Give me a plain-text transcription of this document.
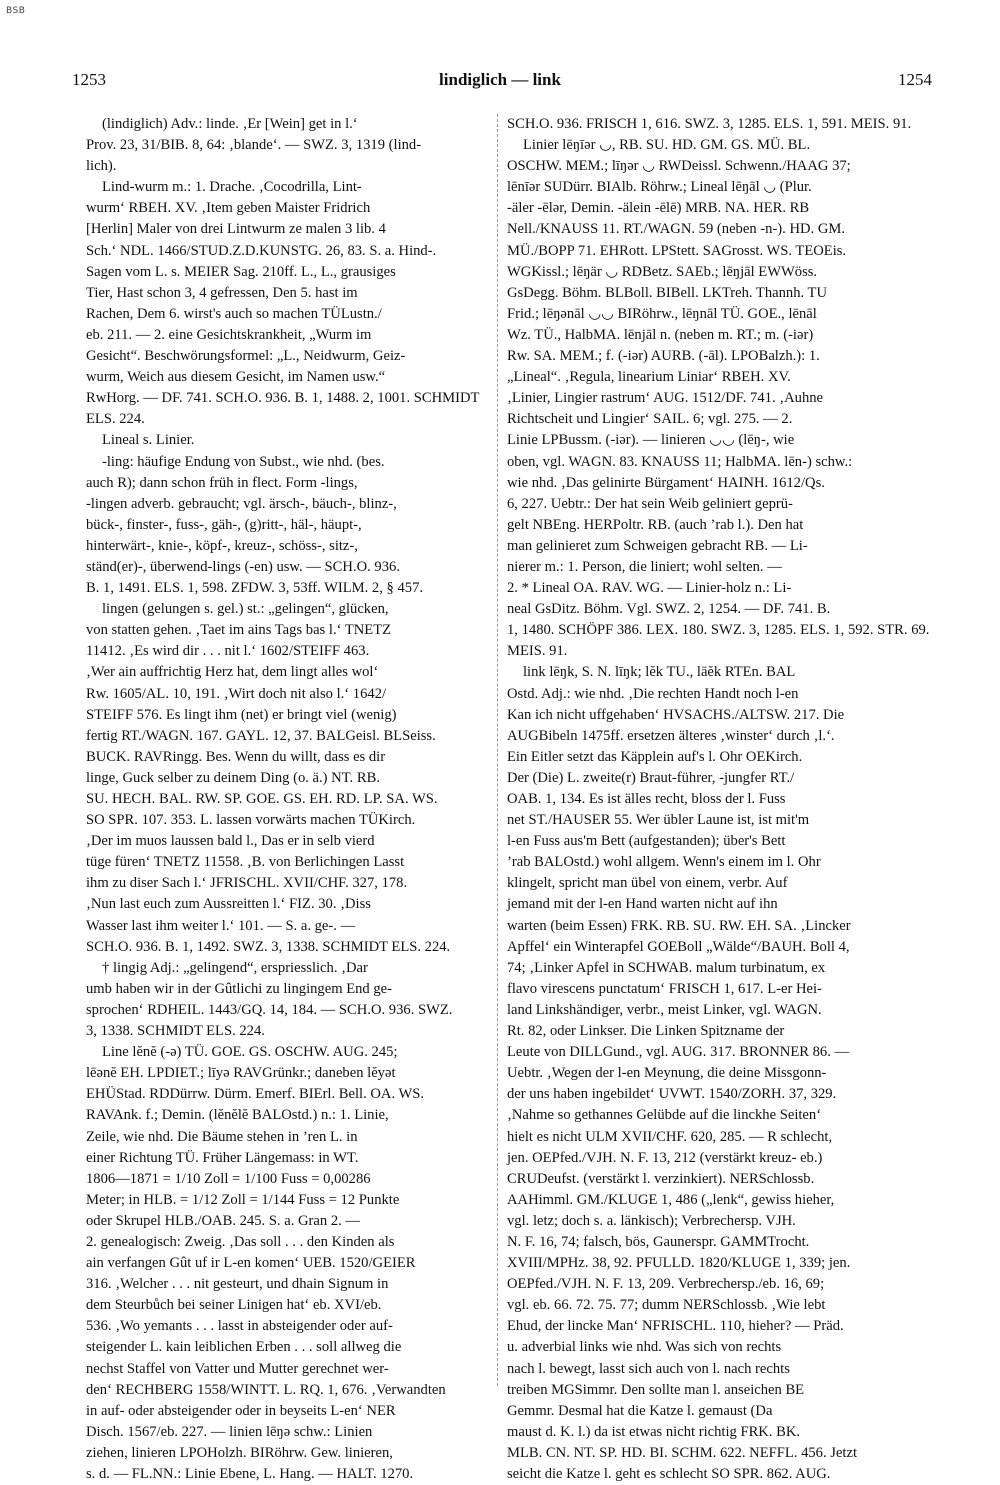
BSB
1253	lindiglich — link	1254
(lindiglich) Adv.: linde. ‚Er [Wein] get in l.‘
Prov. 23, 31/BIB. 8, 64: ‚blande‘. — SWZ. 3, 1319 (lind-
lich).
Lind-wurm m.: 1. Drache. ‚Cocodrilla, Lint-
wurm‘ RBEH. XV. ‚Item geben Maister Fridrich
[Herlin] Maler von drei Lintwurm ze malen 3 lib. 4
Sch.‘ NDL. 1466/STUD.Z.D.KUNSTG. 26, 83. S. a. Hind-.
Sagen vom L. s. MEIER Sag. 210ff. L., L., grausiges
Tier, Hast schon 3, 4 gefressen, Den 5. hast im
Rachen, Dem 6. wirst's auch so machen TÜLustn./
eb. 211. — 2. eine Gesichtskrankheit, „Wurm im
Gesicht“. Beschwörungsformel: „L., Neidwurm, Geiz-
wurm, Weich aus diesem Gesicht, im Namen usw.“
RwHorg. — DF. 741. SCH.O. 936. B. 1, 1488. 2, 1001. SCHMIDT
ELS. 224.
Lineal s. Linier.
-ling: häufige Endung von Subst., wie nhd. (bes.
auch R); dann schon früh in flect. Form -lings,
-lingen adverb. gebraucht; vgl. ärsch-, bäuch-, blinz-,
bück-, finster-, fuss-, gäh-, (g)ritt-, häl-, häupt-,
hinterwärt-, knie-, köpf-, kreuz-, schöss-, sitz-,
ständ(er)-, überwend-lings (-en) usw. — SCH.O. 936.
B. 1, 1491. ELS. 1, 598. ZFDW. 3, 53ff. WILM. 2, § 457.
lingen (gelungen s. gel.) st.: „gelingen“, glücken,
von statten gehen. ‚Taet im ains Tags bas l.‘ TNETZ
11412. ‚Es wird dir . . . nit l.‘ 1602/STEIFF 463.
‚Wer ain auffrichtig Herz hat, dem lingt alles wol‘
Rw. 1605/AL. 10, 191. ‚Wirt doch nit also l.‘ 1642/
STEIFF 576. Es lingt ihm (net) er bringt viel (wenig)
fertig RT./WAGN. 167. GAYL. 12, 37. BALGeisl. BLSeiss.
BUCK. RAVRingg. Bes. Wenn du willt, dass es dir
linge, Guck selber zu deinem Ding (o. ä.) NT. RB.
SU. HECH. BAL. RW. SP. GOE. GS. EH. RD. LP. SA. WS.
SO SPR. 107. 353. L. lassen vorwärts machen TÜKirch.
‚Der im muos laussen bald l., Das er in selb vierd
tüge füren‘ TNETZ 11558. ‚B. von Berlichingen Lasst
ihm zu diser Sach l.‘ JFRISCHL. XVII/CHF. 327, 178.
‚Nun last euch zum Aussreitten l.‘ FIZ. 30. ‚Diss
Wasser last ihm weiter l.‘ 101. — S. a. ge-. —
SCH.O. 936. B. 1, 1492. SWZ. 3, 1338. SCHMIDT ELS. 224.
† lingig Adj.: „gelingend“, erspriesslich. ‚Dar
umb haben wir in der Gûtlichi zu lingingem End ge-
sprochen‘ RDHEIL. 1443/GQ. 14, 184. — SCH.O. 936. SWZ.
3, 1338. SCHMIDT ELS. 224.
Line lĕnĕ (-ə) TÜ. GOE. GS. OSCHW. AUG. 245;
lēənĕ EH. LPDIET.; līyə RAVGrünkr.; daneben lĕyət
EHÜStad. RDDürrw. Dürm. Emerf. BIErl. Bell. OA. WS.
RAVAnk. f.; Demin. (lĕnĕlĕ BALOstd.) n.: 1. Linie,
Zeile, wie nhd. Die Bäume stehen in ’ren L. in
einer Richtung TÜ. Früher Längemass: in WT.
1806—1871 = 1/10 Zoll = 1/100 Fuss = 0,00286
Meter; in HLB. = 1/12 Zoll = 1/144 Fuss = 12 Punkte
oder Skrupel HLB./OAB. 245. S. a. Gran 2. —
2. genealogisch: Zweig. ‚Das soll . . . den Kinden als
ain verfangen Gût uf ir L-en komen‘ UEB. 1520/GEIER
316. ‚Welcher . . . nit gesteurt, und dhain Signum in
dem Steurbůch bei seiner Linigen hat‘ eb. XVI/eb.
536. ‚Wo yemants . . . lasst in absteigender oder auf-
steigender L. kain leiblichen Erben . . . soll allweg die
nechst Staffel von Vatter und Mutter gerechnet wer-
den‘ RECHBERG 1558/WINTT. L. RQ. 1, 676. ‚Verwandten
in auf- oder absteigender oder in beyseits L-en‘ NER
Disch. 1567/eb. 227. — linien lēŋə schw.: Linien
ziehen, linieren LPOHolzh. BIRöhrw. Gew. linieren,
s. d. — FL.NN.: Linie Ebene, L. Hang. — HALT. 1270.
SCH.O. 936. FRISCH 1, 616. SWZ. 3, 1285. ELS. 1, 591. MEIS. 91.
Linier lēŋīər ◡, RB. SU. HD. GM. GS. MÜ. BL.
OSCHW. MEM.; līŋər ◡ RWDeissl. Schwenn./HAAG 37;
lēnīər SUDürr. BIAlb. Röhrw.; Lineal lēŋāl ◡ (Plur.
-äler -ēlər, Demin. -älein -ēlē) MRB. NA. HER. RB
Nell./KNAUSS 11. RT./WAGN. 59 (neben -n-). HD. GM.
MÜ./BOPP 71. EHRott. LPStett. SAGrosst. WS. TEOEis.
WGKissl.; lēŋär ◡ RDBetz. SAEb.; lēŋjāl EWWöss.
GsDegg. Böhm. BLBoll. BIBell. LKTreh. Thannh. TU
Frid.; lēŋənāl ◡◡ BIRöhrw., lēŋnāl TÜ. GOE., lēnāl
Wz. TÜ., HalbMA. lēnjāl n. (neben m. RT.; m. (-iər)
Rw. SA. MEM.; f. (-iər) AURB. (-āl). LPOBalzh.): 1.
„Lineal“. ‚Regula, linearium Liniar‘ RBEH. XV.
‚Linier, Lingier rastrum‘ AUG. 1512/DF. 741. ‚Auhne
Richtscheit und Lingier‘ SAIL. 6; vgl. 275. — 2.
Linie LPBussm. (-iər). — linieren ◡◡ (lēŋ-, wie
oben, vgl. WAGN. 83. KNAUSS 11; HalbMA. lēn-) schw.:
wie nhd. ‚Das gelinirte Bürgament‘ HAINH. 1612/Qs.
6, 227. Uebtr.: Der hat sein Weib geliniert geprü-
gelt NBEng. HERPoltr. RB. (auch ’rab l.). Den hat
man gelinieret zum Schweigen gebracht RB. — Li-
nierer m.: 1. Person, die liniert; wohl selten. —
2. * Lineal OA. RAV. WG. — Linier-holz n.: Li-
neal GsDitz. Böhm. Vgl. SWZ. 2, 1254. — DF. 741. B.
1, 1480. SCHÖPF 386. LEX. 180. SWZ. 3, 1285. ELS. 1, 592. STR. 69.
MEIS. 91.
link lēŋk, S. N. līŋk; lĕk TU., lāĕk RTEn. BAL
Ostd. Adj.: wie nhd. ‚Die rechten Handt noch l-en
Kan ich nicht uffgehaben‘ HVSACHS./ALTSW. 217. Die
AUGBibeln 1475ff. ersetzen älteres ‚winster‘ durch ‚l.‘.
Ein Eitler setzt das Käpplein auf's l. Ohr OEKirch.
Der (Die) L. zweite(r) Braut-führer, -jungfer RT./
OAB. 1, 134. Es ist älles recht, bloss der l. Fuss
net ST./HAUSER 55. Wer übler Laune ist, ist mit'm
l-en Fuss aus'm Bett (aufgestanden); über's Bett
’rab BALOstd.) wohl allgem. Wenn's einem im l. Ohr
klingelt, spricht man übel von einem, verbr. Auf
jemand mit der l-en Hand warten nicht auf ihn
warten (beim Essen) FRK. RB. SU. RW. EH. SA. ‚Lincker
Apffel‘ ein Winterapfel GOEBoll „Wälde“/BAUH. Boll 4,
74; ‚Linker Apfel in SCHWAB. malum turbinatum, ex
flavo virescens punctatum‘ FRISCH 1, 617. L-er Hei-
land Linkshändiger, verbr., meist Linker, vgl. WAGN.
Rt. 82, oder Linkser. Die Linken Spitzname der
Leute von DILLGund., vgl. AUG. 317. BRONNER 86. —
Uebtr. ‚Wegen der l-en Meynung, die deine Missgonn-
der uns haben ingebildet‘ UVWT. 1540/ZORH. 37, 329.
‚Nahme so gethannes Gelübde auf die linckhe Seiten‘
hielt es nicht ULM XVII/CHF. 620, 285. — R schlecht,
jen. OEPfed./VJH. N. F. 13, 212 (verstärkt kreuz- eb.)
CRUDeufst. (verstärkt l. verzinkiert). NERSchlossb.
AAHimml. GM./KLUGE 1, 486 („lenk“, gewiss hieher,
vgl. letz; doch s. a. länkisch); Verbrechersp. VJH.
N. F. 16, 74; falsch, bös, Gaunerspr. GAMMTrocht.
XVIII/MPHz. 38, 92. PFULLD. 1820/KLUGE 1, 339; jen.
OEPfed./VJH. N. F. 13, 209. Verbrechersp./eb. 16, 69;
vgl. eb. 66. 72. 75. 77; dumm NERSchlossb. ‚Wie lebt
Ehud, der lincke Man‘ NFRISCHL. 110, hieher? — Präd.
u. adverbial links wie nhd. Was sich von rechts
nach l. bewegt, lasst sich auch von l. nach rechts
treiben MGSimmr. Den sollte man l. anseichen BE
Gemmr. Desmal hat die Katze l. gemaust (Da
maust d. K. l.) da ist etwas nicht richtig FRK. BK.
MLB. CN. NT. SP. HD. BI. SCHM. 622. NEFFL. 456. Jetzt
seicht die Katze l. geht es schlecht SO SPR. 862. AUG.
